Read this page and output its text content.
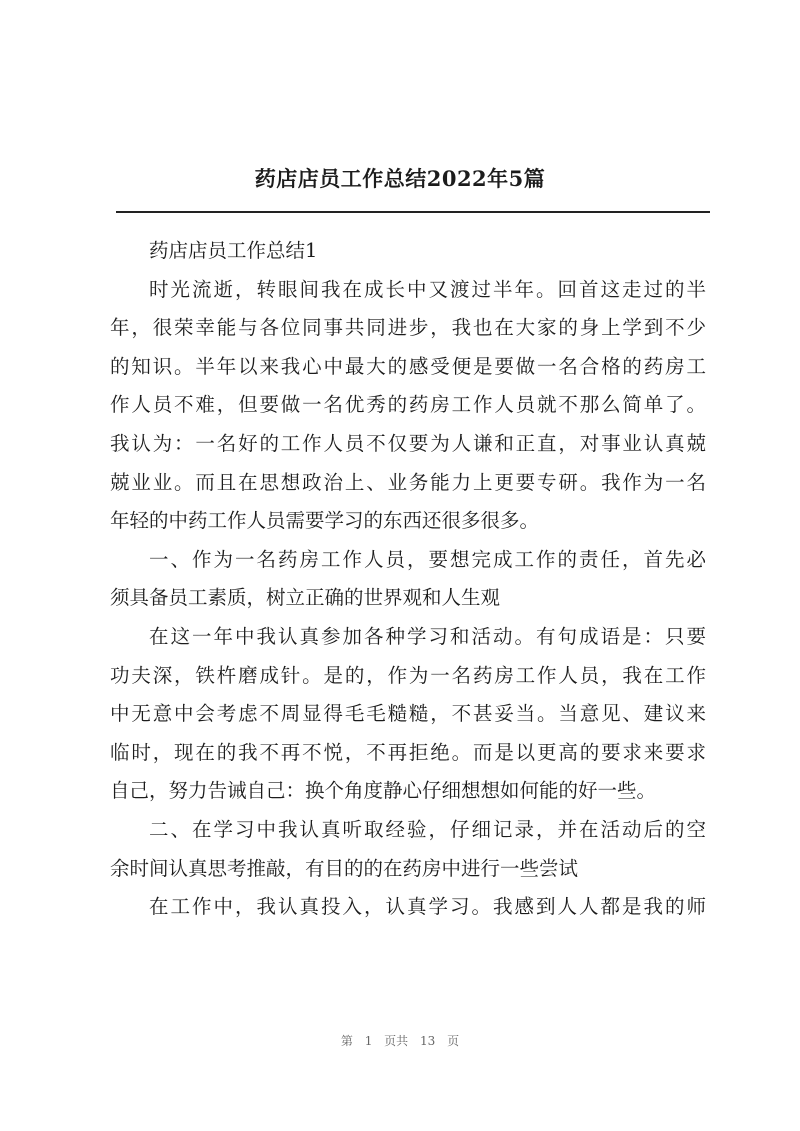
药店店员工作总结2022年5篇
药店店员工作总结1
时光流逝，转眼间我在成长中又渡过半年。回首这走过的半
年，很荣幸能与各位同事共同进步，我也在大家的身上学到不少
的知识。半年以来我心中最大的感受便是要做一名合格的药房工
作人员不难，但要做一名优秀的药房工作人员就不那么简单了。
我认为：一名好的工作人员不仅要为人谦和正直，对事业认真兢
兢业业。而且在思想政治上、业务能力上更要专研。我作为一名
年轻的中药工作人员需要学习的东西还很多很多。
一、作为一名药房工作人员，要想完成工作的责任，首先必
须具备员工素质，树立正确的世界观和人生观
在这一年中我认真参加各种学习和活动。有句成语是：只要
功夫深，铁杵磨成针。是的，作为一名药房工作人员，我在工作
中无意中会考虑不周显得毛毛糙糙，不甚妥当。当意见、建议来
临时，现在的我不再不悦，不再拒绝。而是以更高的要求来要求
自己，努力告诫自己：换个角度静心仔细想想如何能的好一些。
二、在学习中我认真听取经验，仔细记录，并在活动后的空
余时间认真思考推敲，有目的的在药房中进行一些尝试
在工作中，我认真投入，认真学习。我感到人人都是我的师
第 1 页共 13 页
